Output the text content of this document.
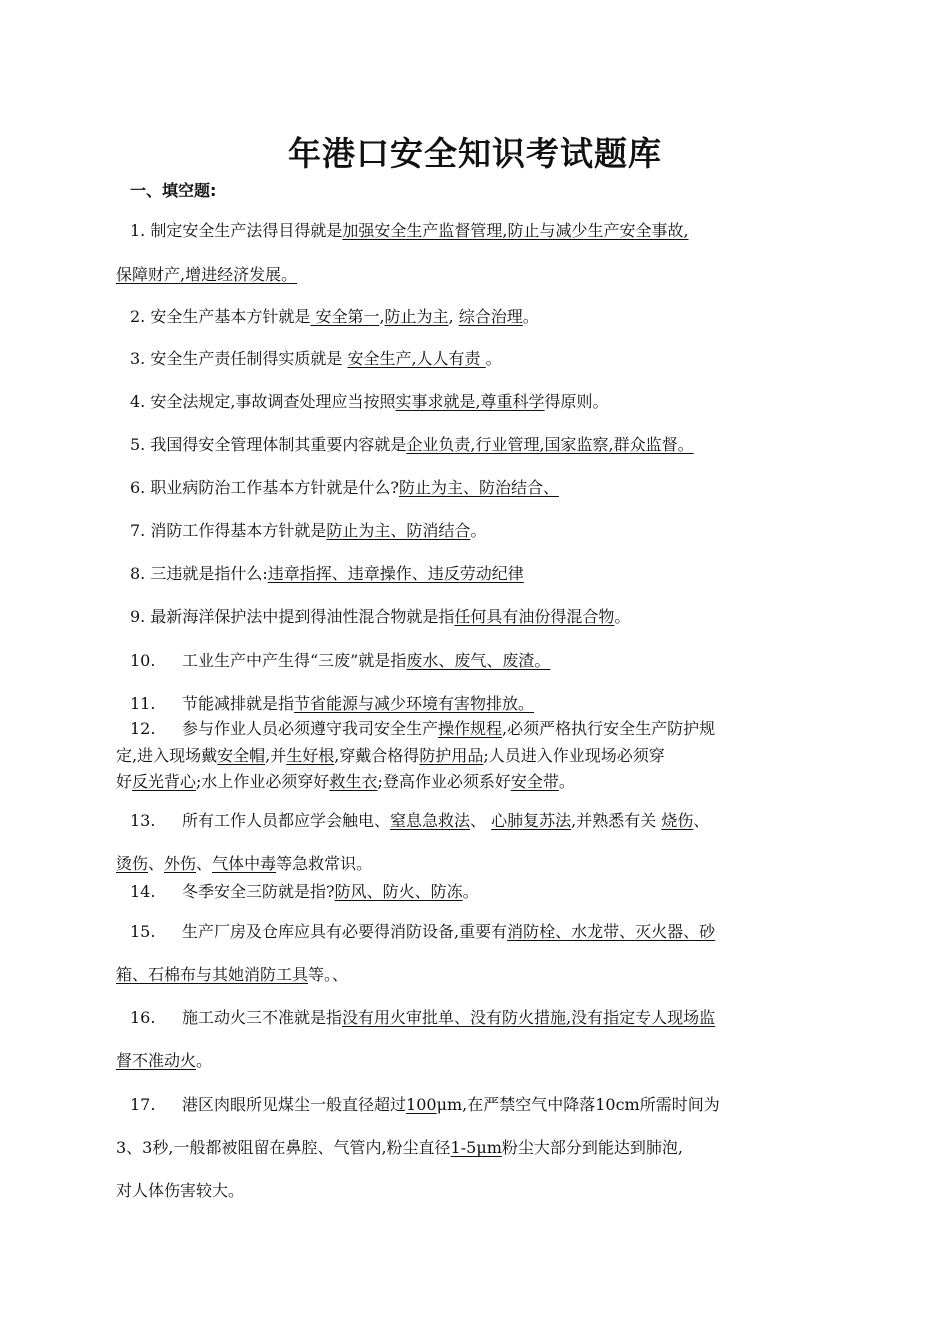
年港口安全知识考试题库
一、填空题:
1. 制定安全生产法得目得就是加强安全生产监督管理,防止与减少生产安全事故,
保障财产,增进经济发展。
2. 安全生产基本方针就是 安全第一,防止为主, 综合治理。
3. 安全生产责任制得实质就是 安全生产,人人有责 。
4. 安全法规定,事故调查处理应当按照实事求就是,尊重科学得原则。
5. 我国得安全管理体制其重要内容就是企业负责,行业管理,国家监察,群众监督。
6. 职业病防治工作基本方针就是什么?防止为主、防治结合、
7. 消防工作得基本方针就是防止为主、防消结合。
8. 三违就是指什么:违章指挥、违章操作、违反劳动纪律
9. 最新海洋保护法中提到得油性混合物就是指任何具有油份得混合物。
10. 工业生产中产生得“三废”就是指废水、废气、废渣。
11. 节能减排就是指节省能源与减少环境有害物排放。
12. 参与作业人员必须遵守我司安全生产操作规程,必须严格执行安全生产防护规
定,进入现场戴安全帽,并生好根,穿戴合格得防护用品;人员进入作业现场必须穿
好反光背心;水上作业必须穿好救生衣;登高作业必须系好安全带。
13. 所有工作人员都应学会触电、窒息急救法、 心肺复苏法,并熟悉有关 烧伤、
烫伤、外伤、气体中毒等急救常识。
14. 冬季安全三防就是指?防风、防火、防冻。
15. 生产厂房及仓库应具有必要得消防设备,重要有消防栓、水龙带、灭火器、砂
箱、石棉布与其她消防工具等。、
16. 施工动火三不准就是指没有用火审批单、没有防火措施,没有指定专人现场监
督不准动火。
17. 港区肉眼所见煤尘一般直径超过100μm,在严禁空气中降落10cm所需时间为
3、3秒,一般都被阻留在鼻腔、气管内,粉尘直径1-5μm粉尘大部分到能达到肺泡,
对人体伤害较大。
